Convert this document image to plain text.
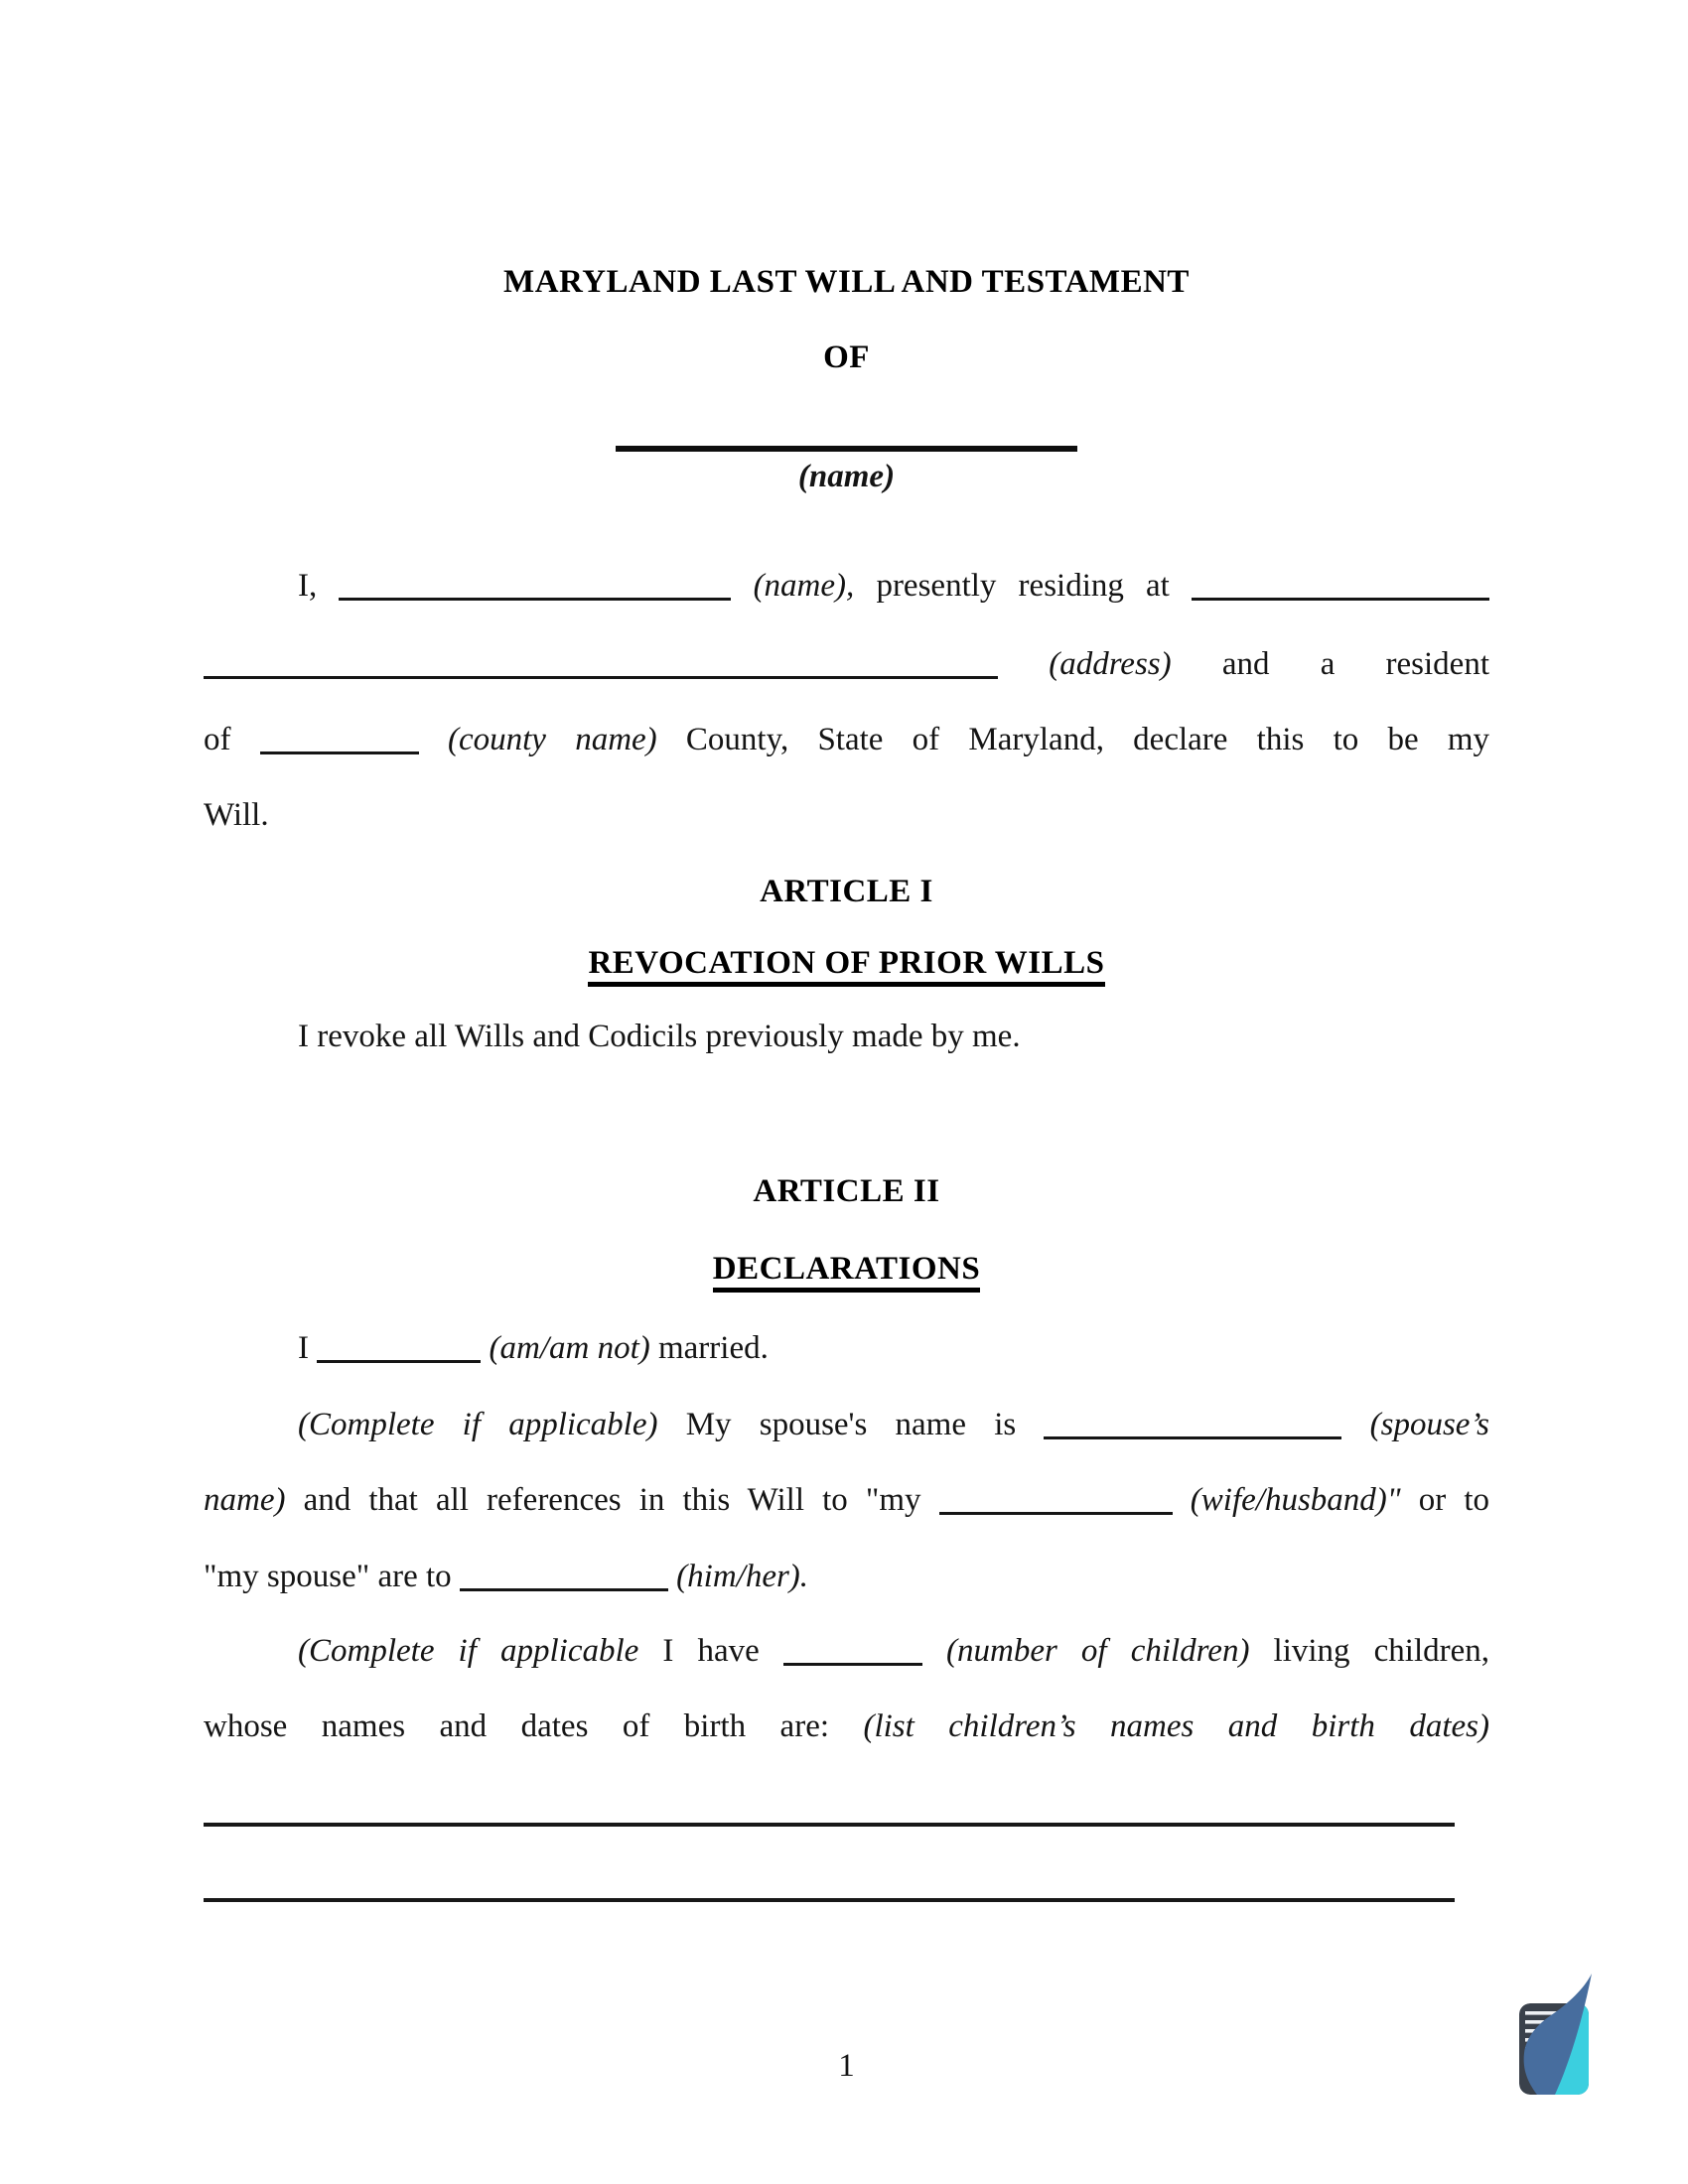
MARYLAND LAST WILL AND TESTAMENT
OF
(name)
I,	(name), presently residing at
(address) and a resident
of	(county name) County, State of Maryland, declare this to be my
Will.
ARTICLE I
REVOCATION OF PRIOR WILLS
I revoke all Wills and Codicils previously made by me.
ARTICLE II
DECLARATIONS
I	(am/am not) married.
(Complete if applicable) My spouse's name is	(spouse’s
name) and that all references in this Will to "my	(wife/husband)" or to
"my spouse" are to	(him/her).
(Complete if applicable I have	(number of children) living children,
whose names and dates of birth are: (list children’s names and birth dates)
1
